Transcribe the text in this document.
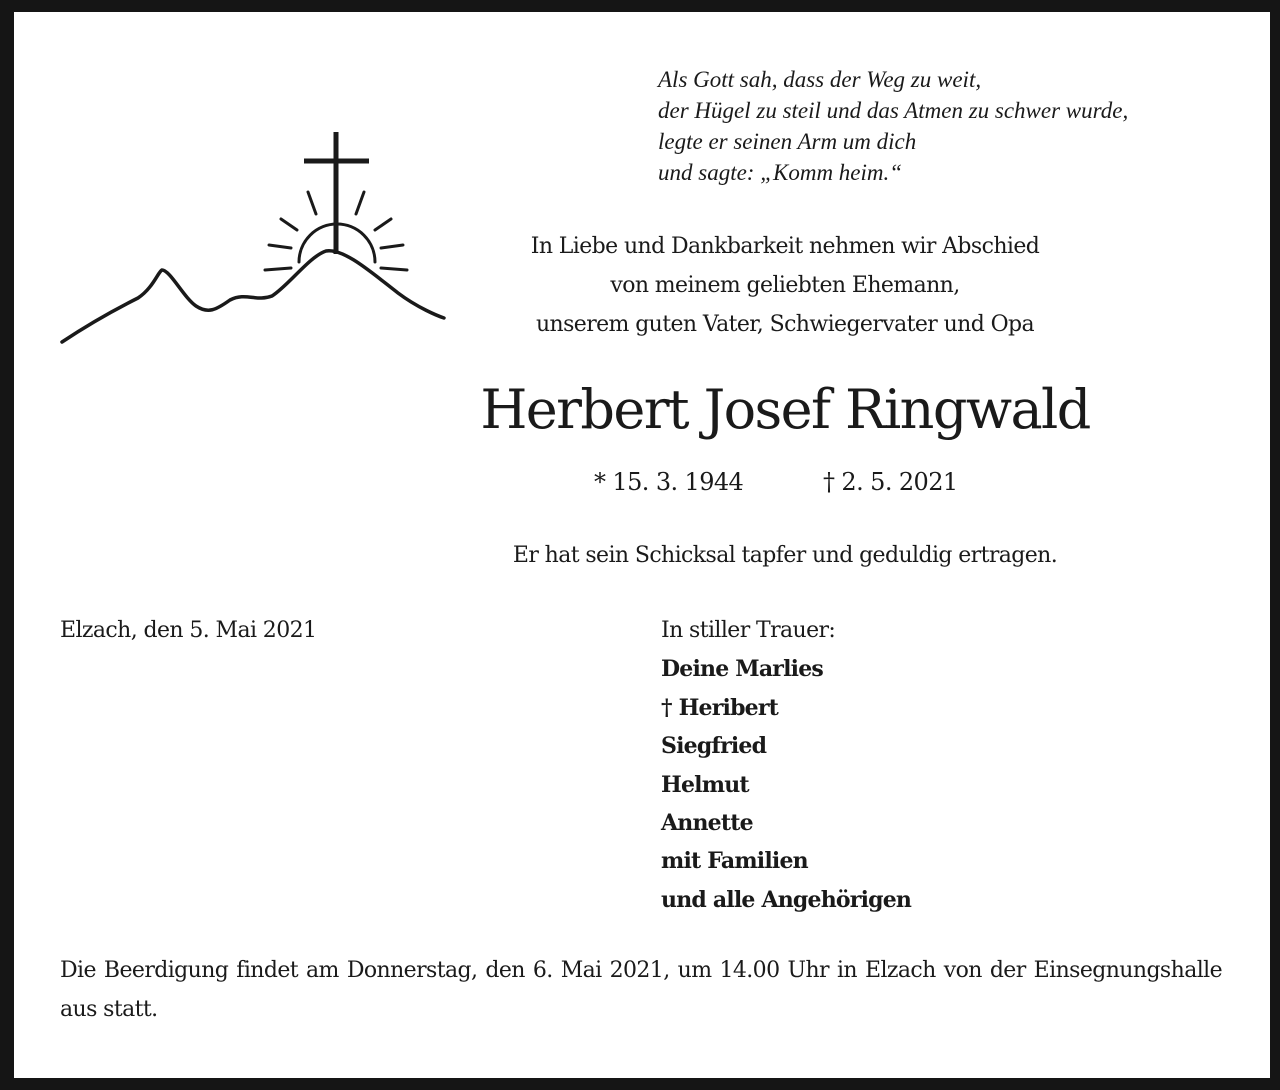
Als Gott sah, dass der Weg zu weit,
der Hügel zu steil und das Atmen zu schwer wurde,
legte er seinen Arm um dich
und sagte: „Komm heim.“
In Liebe und Dankbarkeit nehmen wir Abschied
von meinem geliebten Ehemann,
unserem guten Vater, Schwiegervater und Opa
Herbert Josef Ringwald
* 15. 3. 1944	† 2. 5. 2021
Er hat sein Schicksal tapfer und geduldig ertragen.
Elzach, den 5. Mai 2021	In stiller Trauer:
Deine Marlies
† Heribert
Siegfried
Helmut
Annette
mit Familien
und alle Angehörigen
Die Beerdigung findet am Donnerstag, den 6. Mai 2021, um 14.00 Uhr in Elzach von der Einsegnungshalle aus statt.
